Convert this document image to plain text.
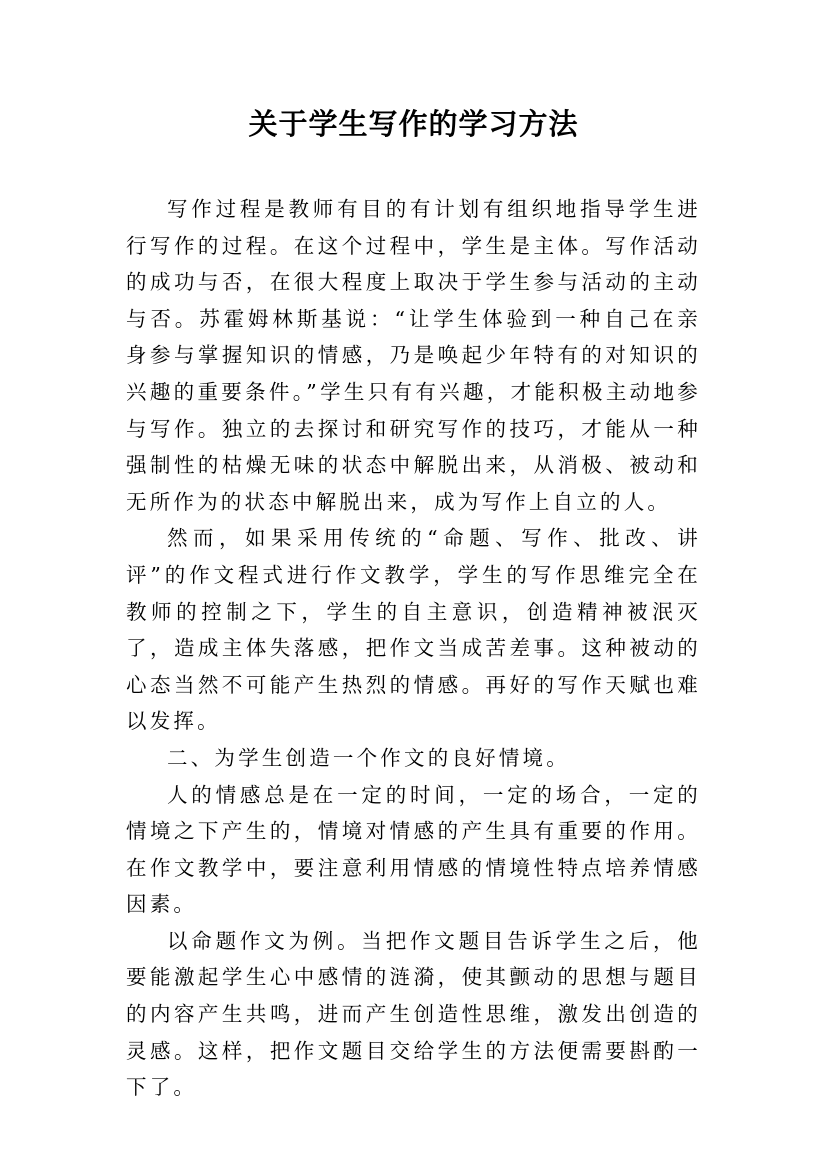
关于学生写作的学习方法

写作过程是教师有目的有计划有组织地指导学生进行写作的过程。在这个过程中，学生是主体。写作活动的成功与否，在很大程度上取决于学生参与活动的主动与否。苏霍姆林斯基说：“让学生体验到一种自己在亲身参与掌握知识的情感，乃是唤起少年特有的对知识的兴趣的重要条件。”学生只有有兴趣，才能积极主动地参与写作。独立的去探讨和研究写作的技巧，才能从一种强制性的枯燥无味的状态中解脱出来，从消极、被动和无所作为的状态中解脱出来，成为写作上自立的人。

然而，如果采用传统的“命题、写作、批改、讲评”的作文程式进行作文教学，学生的写作思维完全在教师的控制之下，学生的自主意识，创造精神被泯灭了，造成主体失落感，把作文当成苦差事。这种被动的心态当然不可能产生热烈的情感。再好的写作天赋也难以发挥。

二、为学生创造一个作文的良好情境。

人的情感总是在一定的时间，一定的场合，一定的情境之下产生的，情境对情感的产生具有重要的作用。在作文教学中，要注意利用情感的情境性特点培养情感因素。

以命题作文为例。当把作文题目告诉学生之后，他要能激起学生心中感情的涟漪，使其颤动的思想与题目的内容产生共鸣，进而产生创造性思维，激发出创造的灵感。这样，把作文题目交给学生的方法便需要斟酌一下了。
